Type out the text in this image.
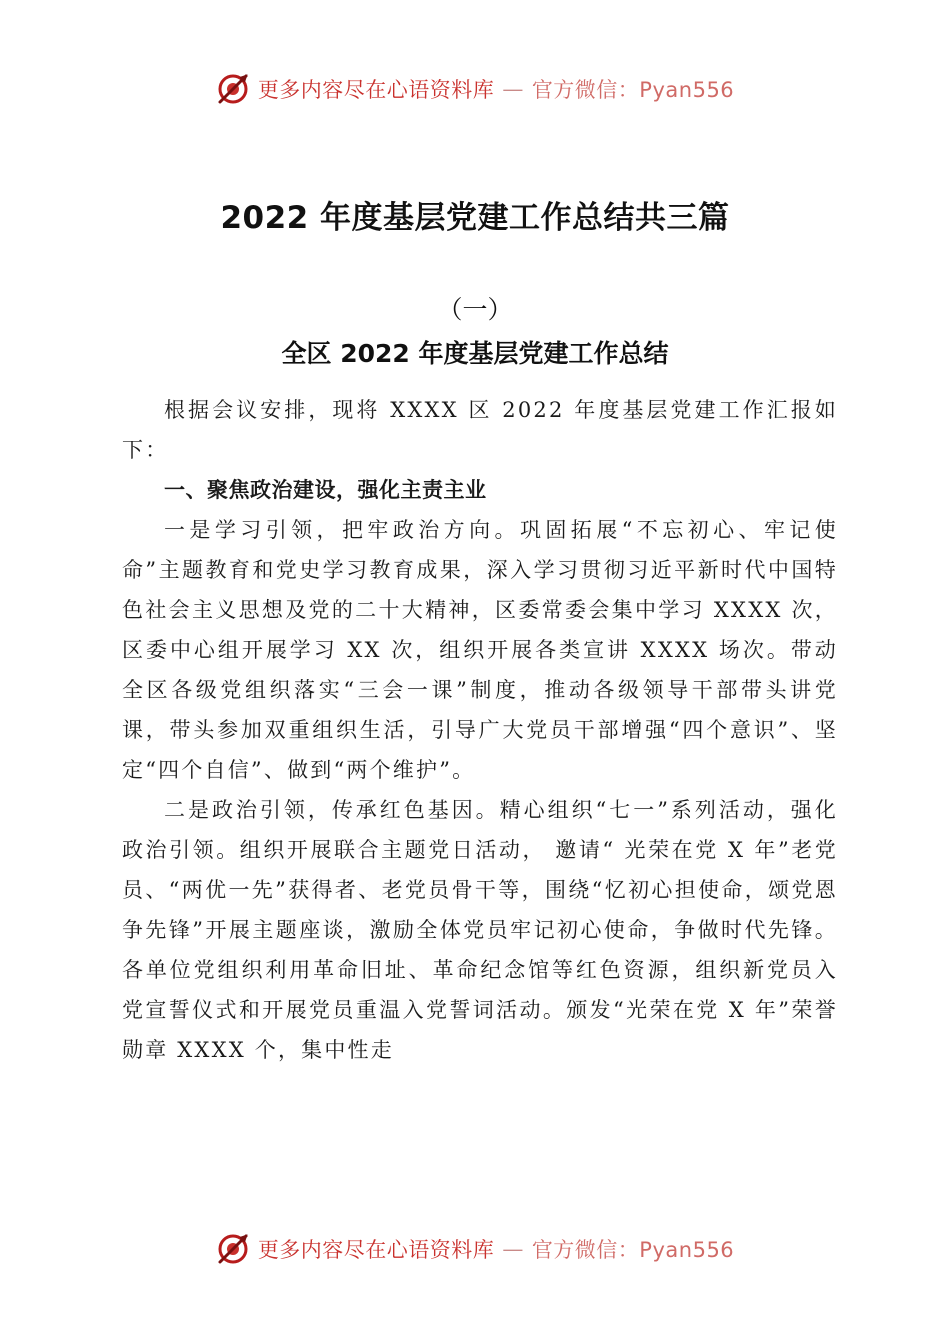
更多内容尽在心语资料库 — 官方微信：Pyan556
2022 年度基层党建工作总结共三篇
（一）
全区 2022 年度基层党建工作总结

根据会议安排，现将 XXXX 区 2022 年度基层党建工作汇报如下：

一、聚焦政治建设，强化主责主业

一是学习引领，把牢政治方向。巩固拓展“不忘初心、牢记使命”主题教育和党史学习教育成果，深入学习贯彻习近平新时代中国特色社会主义思想及党的二十大精神，区委常委会集中学习 XXXX 次，区委中心组开展学习 XX 次，组织开展各类宣讲 XXXX 场次。带动全区各级党组织落实“三会一课”制度，推动各级领导干部带头讲党课，带头参加双重组织生活，引导广大党员干部增强“四个意识”、坚定“四个自信”、做到“两个维护”。

二是政治引领，传承红色基因。精心组织“七一”系列活动，强化政治引领。组织开展联合主题党日活动， 邀请“ 光荣在党 X 年”老党员、“两优一先”获得者、老党员骨干等，围绕“忆初心担使命，颂党恩争先锋”开展主题座谈，激励全体党员牢记初心使命，争做时代先锋。各单位党组织利用革命旧址、革命纪念馆等红色资源，组织新党员入党宣誓仪式和开展党员重温入党誓词活动。颁发“光荣在党 X 年”荣誉勋章 XXXX 个，集中性走

更多内容尽在心语资料库 — 官方微信：Pyan556
